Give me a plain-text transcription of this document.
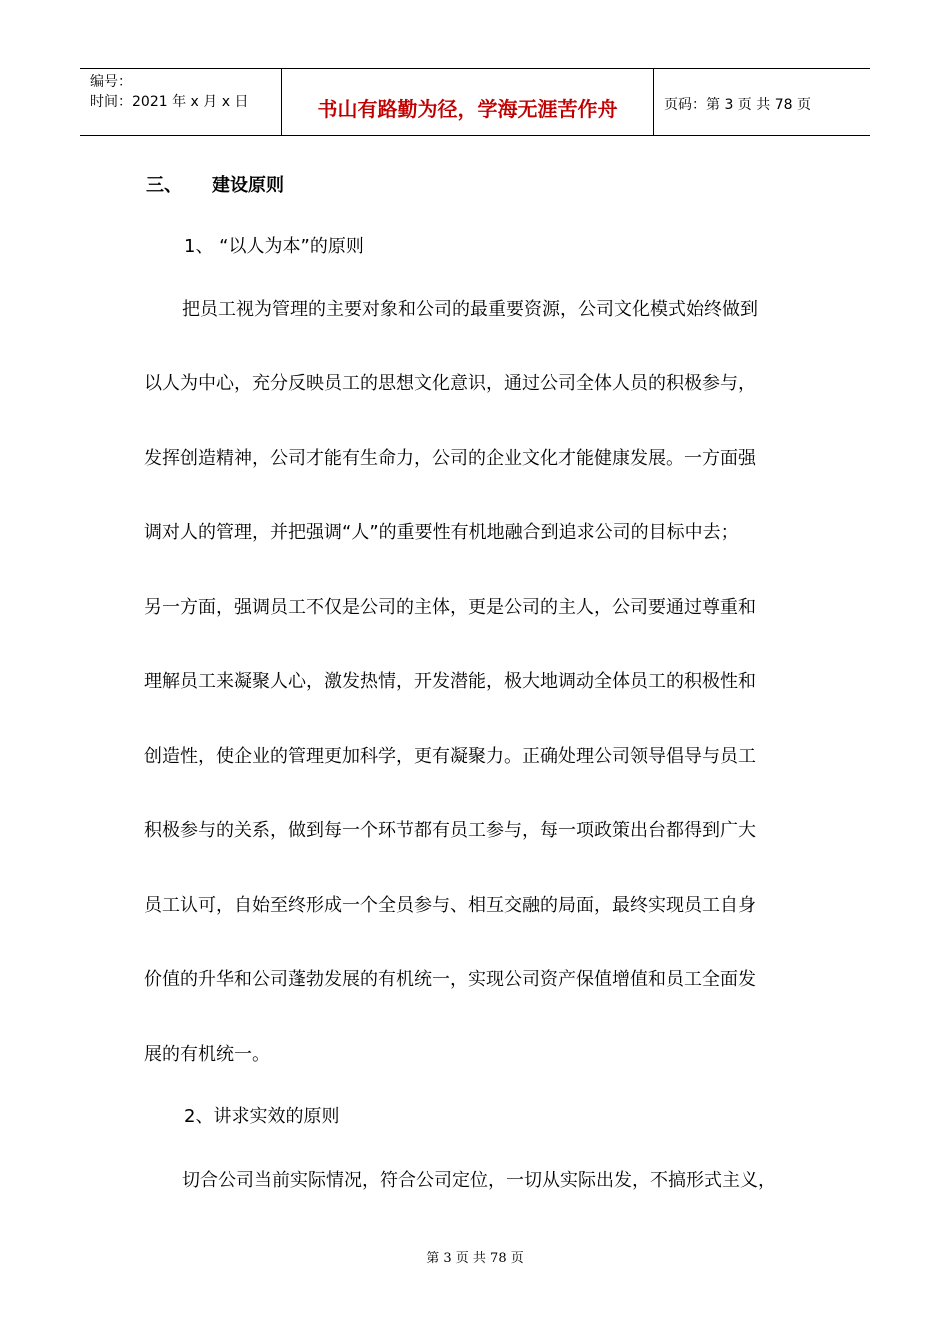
编号：
时间：2021 年 x 月 x 日	书山有路勤为径，学海无涯苦作舟	页码：第 3 页 共 78 页

三、 建设原则

1、 “以人为本”的原则

把员工视为管理的主要对象和公司的最重要资源，公司文化模式始终做到

以人为中心，充分反映员工的思想文化意识，通过公司全体人员的积极参与，

发挥创造精神，公司才能有生命力，公司的企业文化才能健康发展。一方面强

调对人的管理，并把强调“人”的重要性有机地融合到追求公司的目标中去；

另一方面，强调员工不仅是公司的主体，更是公司的主人，公司要通过尊重和

理解员工来凝聚人心，激发热情，开发潜能，极大地调动全体员工的积极性和

创造性，使企业的管理更加科学，更有凝聚力。正确处理公司领导倡导与员工

积极参与的关系，做到每一个环节都有员工参与，每一项政策出台都得到广大

员工认可，自始至终形成一个全员参与、相互交融的局面，最终实现员工自身

价值的升华和公司蓬勃发展的有机统一，实现公司资产保值增值和员工全面发

展的有机统一。

2、讲求实效的原则

切合公司当前实际情况，符合公司定位，一切从实际出发，不搞形式主义，

第 3 页 共 78 页
